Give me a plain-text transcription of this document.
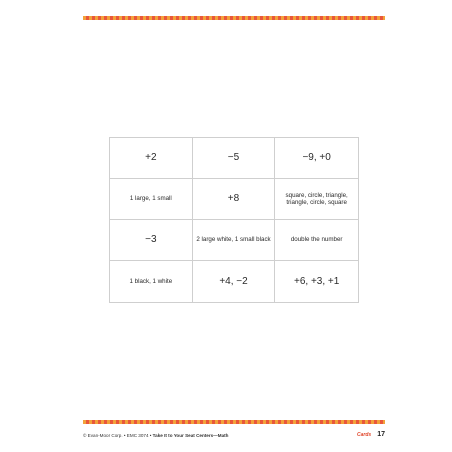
+2	−5	−9, +0
1 large, 1 small	+8	square, circle, triangle, triangle, circle, square
−3	2 large white, 1 small black	double the number
1 black, 1 white	+4, −2	+6, +3, +1
© Evan-Moor Corp. • EMC 3074 • Take It to Your Seat Centers—Math	Cards 17
